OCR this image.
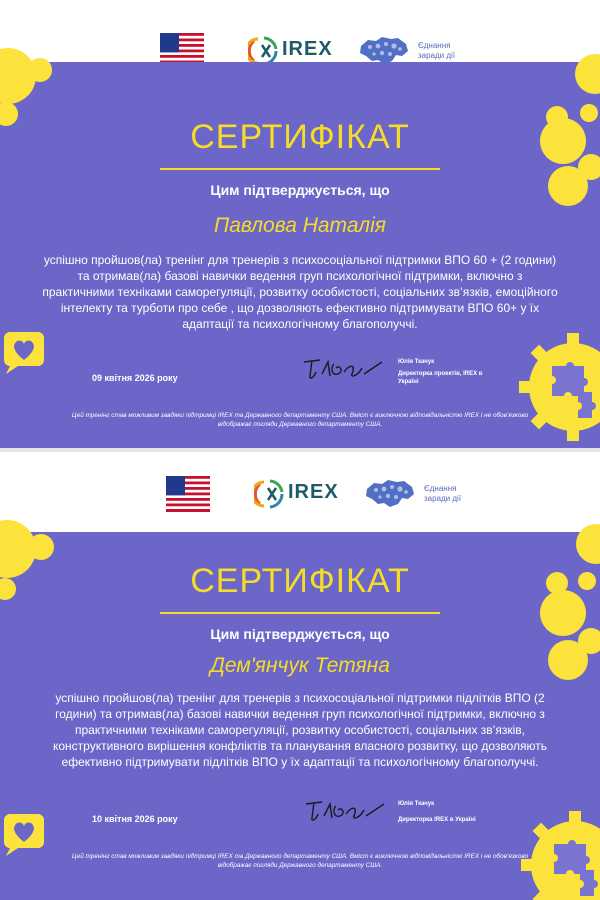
IREX	Єднання
заради дії
СЕРТИФІКАТ
Цим підтверджується, що
Павлова Наталія
успішно пройшов(ла) тренінг для тренерів з психосоціальної підтримки ВПО 60 + (2 години) та отримав(ла) базові навички ведення груп психологічної підтримки, включно з практичними техніками саморегуляції, розвитку особистості, соціальних зв’язків, емоційного інтелекту та турботи про себе , що дозволяють ефективно підтримувати ВПО 60+ у їх адаптації та психологічному благополуччі.
09 квітня 2026 року
Юлія Ткачук
Директорка проектів, IREX в Україні
Цей тренінг став можливим завдяки підтримці IREX та Державного департаменту США. Вміст є виключною відповідальністю IREX і не обов’язково відображає погляди Державного департаменту США.
IREX	Єднання
заради дії
СЕРТИФІКАТ
Цим підтверджується, що
Дем'янчук Тетяна
успішно пройшов(ла) тренінг для тренерів з психосоціальної підтримки підлітків ВПО (2 години) та отримав(ла) базові навички ведення груп психологічної підтримки, включно з практичними техніками саморегуляції, розвитку особистості, соціальних зв’язків, конструктивного вирішення конфліктів та планування власного розвитку, що дозволяють ефективно підтримувати підлітків ВПО у їх адаптації та психологічному благополуччі.
10 квітня 2026 року
Юлія Ткачук
Директорка IREX в Україні
Цей тренінг став можливим завдяки підтримці IREX та Державного департаменту США. Вміст є виключною відповідальністю IREX і не обов’язково відображає погляди Державного департаменту США.
